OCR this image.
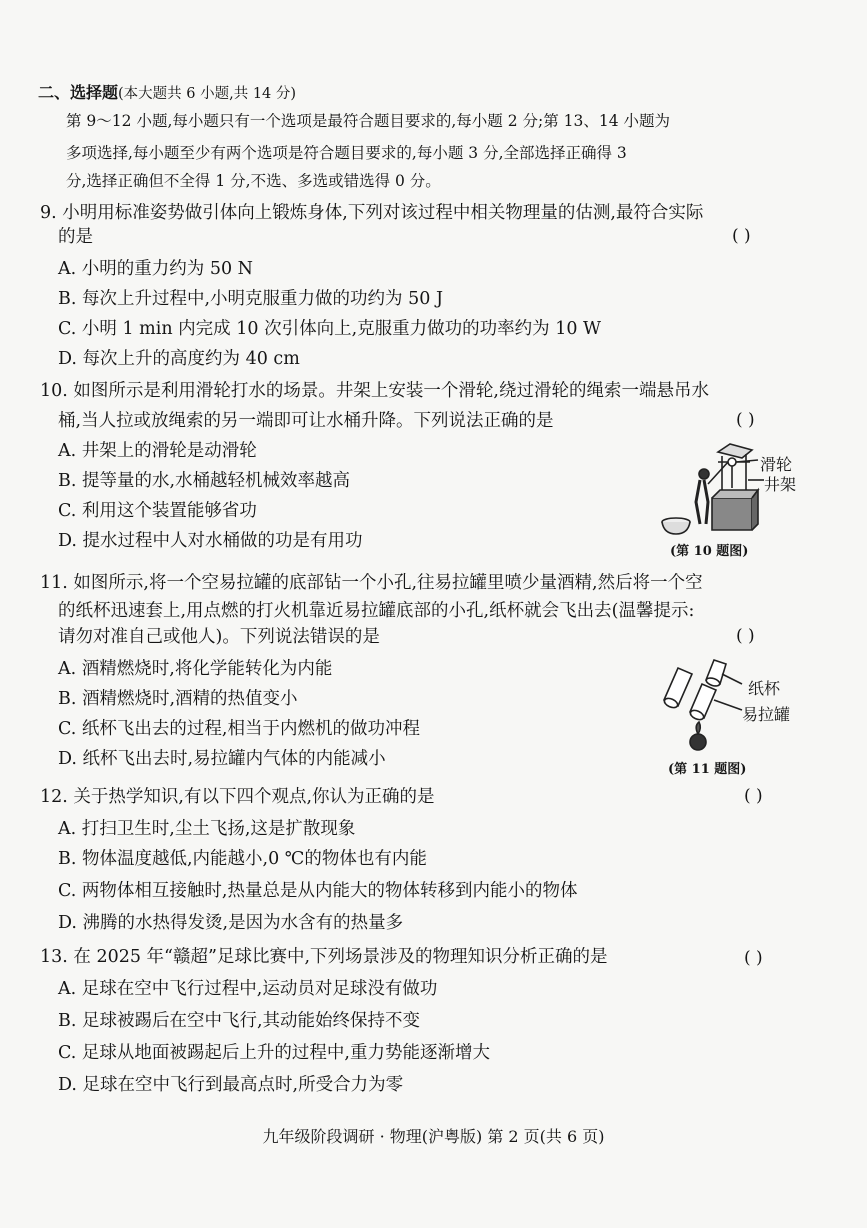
二、选择题(本大题共 6 小题,共 14 分)
第 9～12 小题,每小题只有一个选项是最符合题目要求的,每小题 2 分;第 13、14 小题为
多项选择,每小题至少有两个选项是符合题目要求的,每小题 3 分,全部选择正确得 3
分,选择正确但不全得 1 分,不选、多选或错选得 0 分。
9. 小明用标准姿势做引体向上锻炼身体,下列对该过程中相关物理量的估测,最符合实际
的是	( )
A. 小明的重力约为 50 N
B. 每次上升过程中,小明克服重力做的功约为 50 J
C. 小明 1 min 内完成 10 次引体向上,克服重力做功的功率约为 10 W
D. 每次上升的高度约为 40 cm
10. 如图所示是利用滑轮打水的场景。井架上安装一个滑轮,绕过滑轮的绳索一端悬吊水
桶,当人拉或放绳索的另一端即可让水桶升降。下列说法正确的是	( )
A. 井架上的滑轮是动滑轮
B. 提等量的水,水桶越轻机械效率越高
C. 利用这个装置能够省功
D. 提水过程中人对水桶做的功是有用功
滑轮
井架
(第 10 题图)
11. 如图所示,将一个空易拉罐的底部钻一个小孔,往易拉罐里喷少量酒精,然后将一个空
的纸杯迅速套上,用点燃的打火机靠近易拉罐底部的小孔,纸杯就会飞出去(温馨提示:
请勿对准自己或他人)。下列说法错误的是	( )
A. 酒精燃烧时,将化学能转化为内能
B. 酒精燃烧时,酒精的热值变小
C. 纸杯飞出去的过程,相当于内燃机的做功冲程
D. 纸杯飞出去时,易拉罐内气体的内能减小
纸杯
易拉罐
(第 11 题图)
12. 关于热学知识,有以下四个观点,你认为正确的是	( )
A. 打扫卫生时,尘土飞扬,这是扩散现象
B. 物体温度越低,内能越小,0 ℃的物体也有内能
C. 两物体相互接触时,热量总是从内能大的物体转移到内能小的物体
D. 沸腾的水热得发烫,是因为水含有的热量多
13. 在 2025 年“赣超”足球比赛中,下列场景涉及的物理知识分析正确的是	( )
A. 足球在空中飞行过程中,运动员对足球没有做功
B. 足球被踢后在空中飞行,其动能始终保持不变
C. 足球从地面被踢起后上升的过程中,重力势能逐渐增大
D. 足球在空中飞行到最高点时,所受合力为零
九年级阶段调研 · 物理(沪粤版) 第 2 页(共 6 页)
